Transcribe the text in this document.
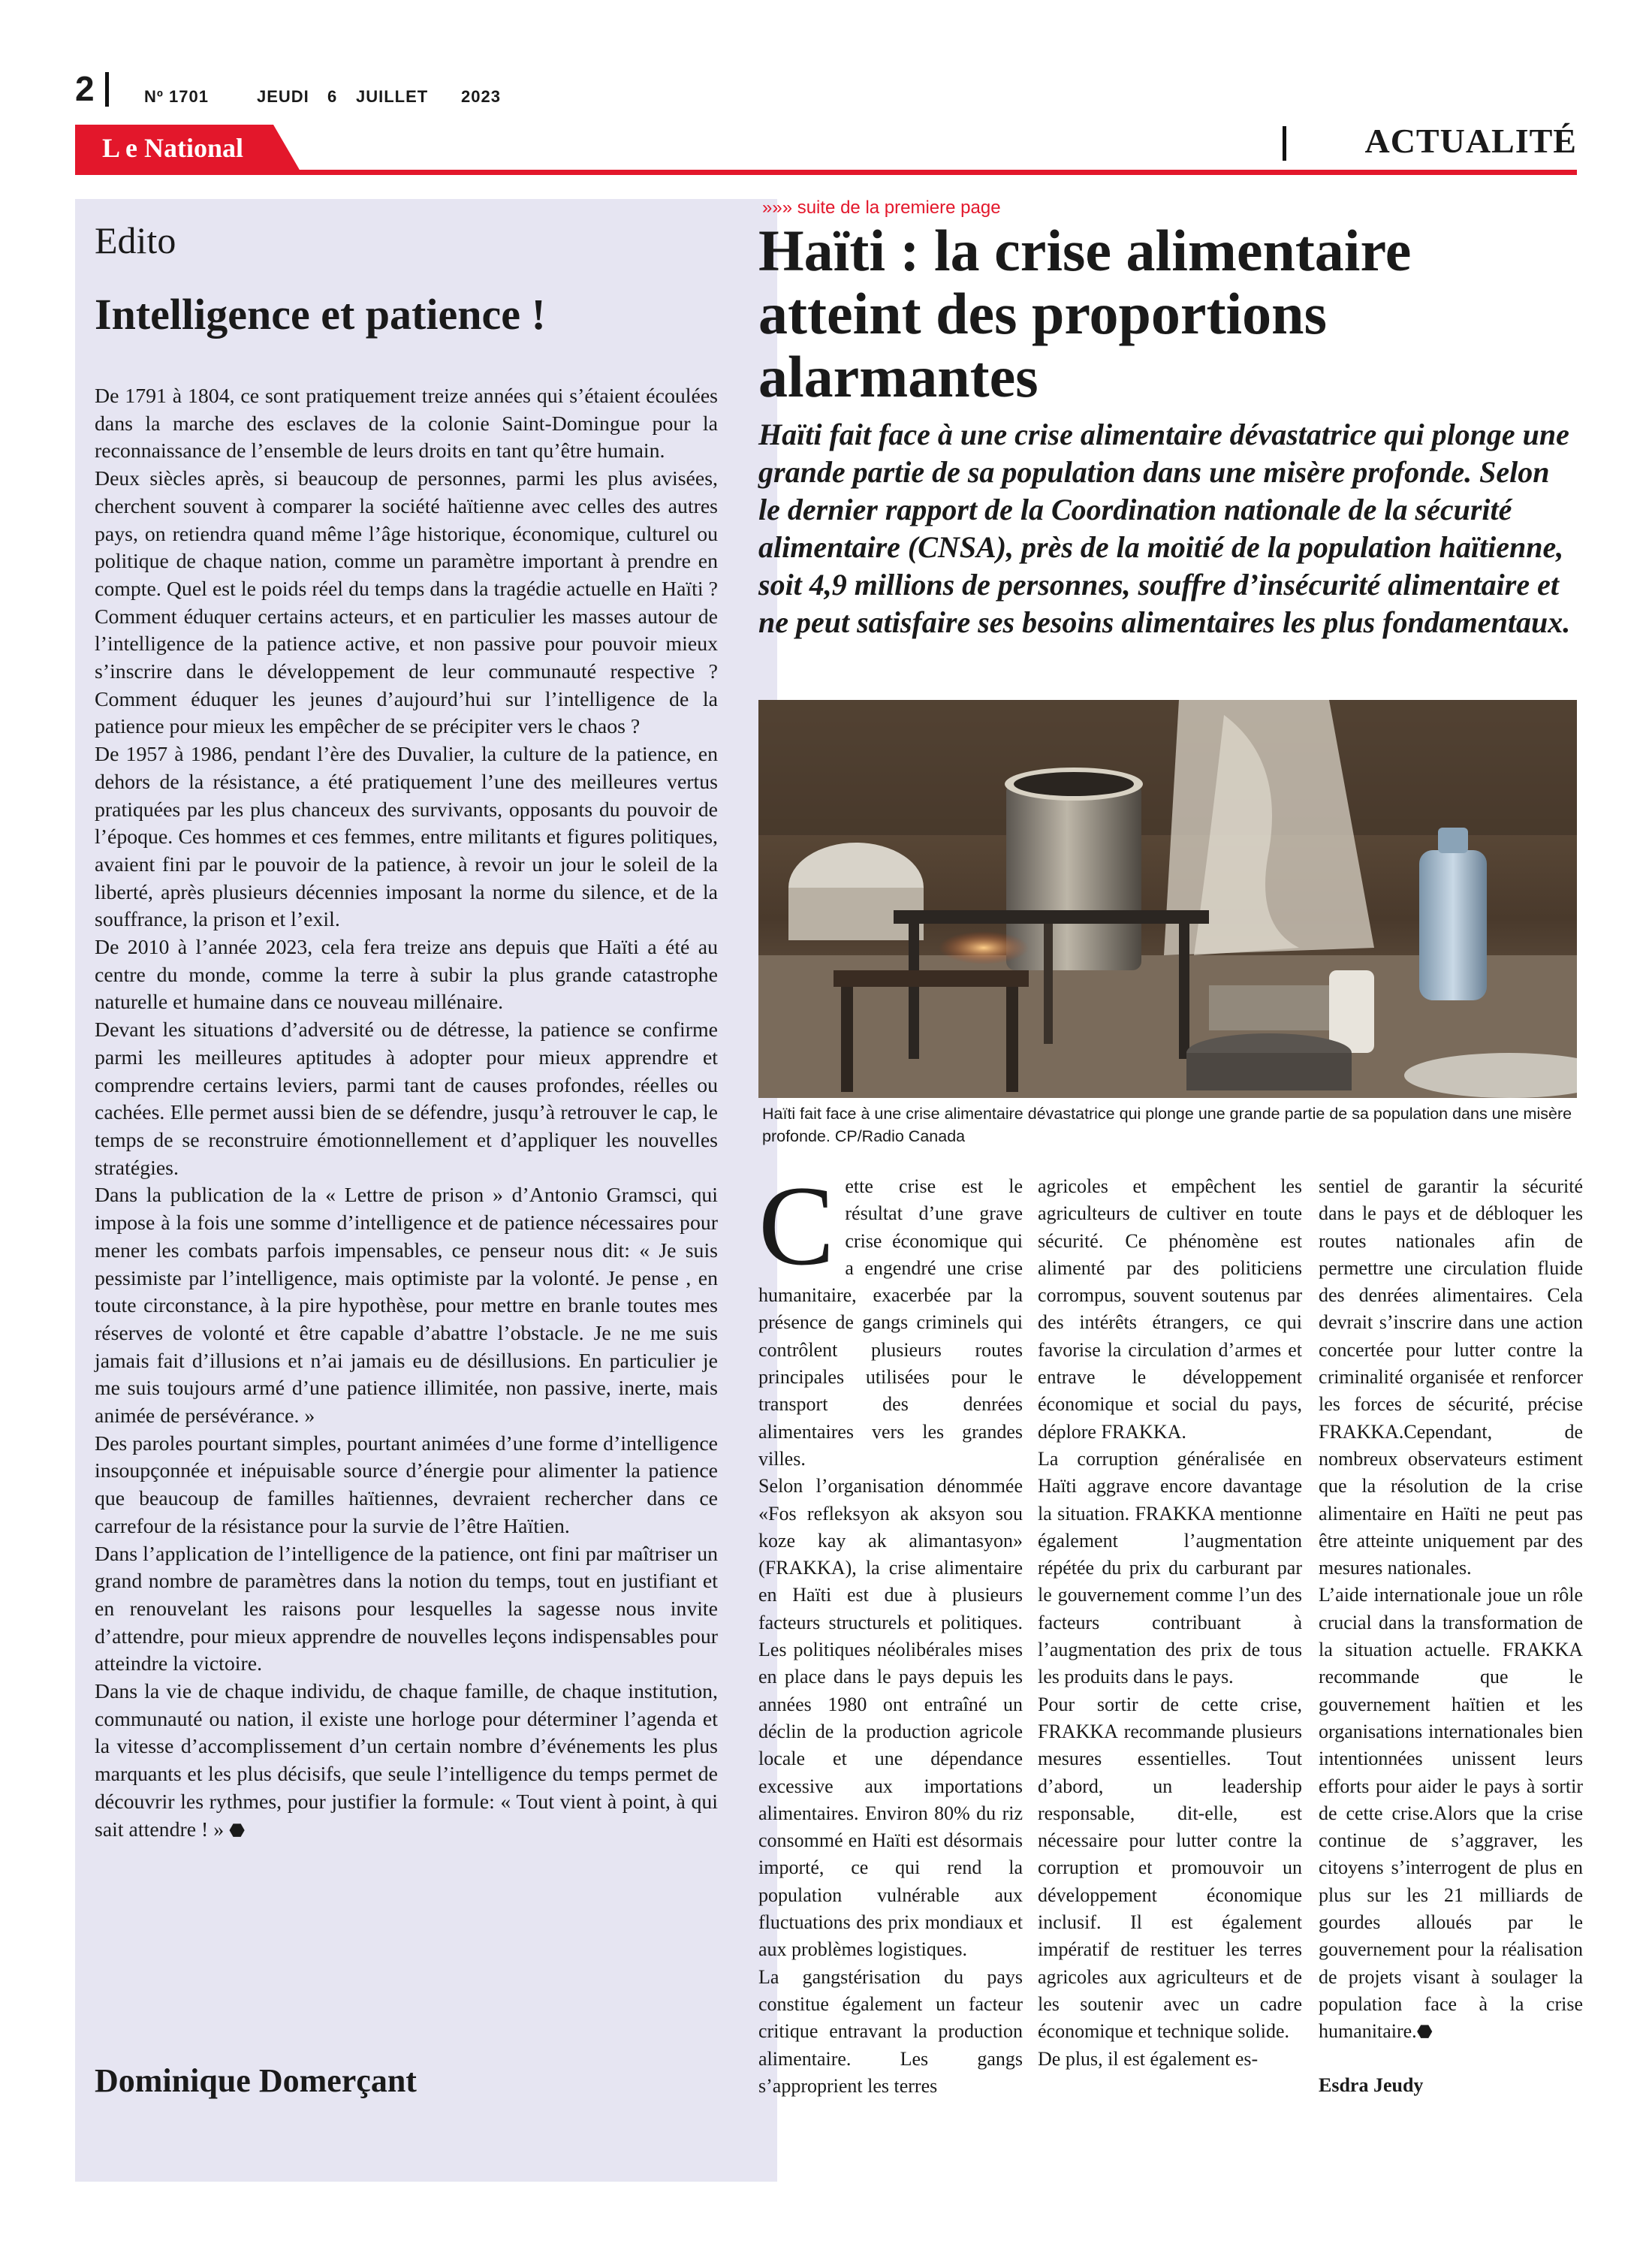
2	Nº 1701	JEUDI 6 JUILLET 2023
L e National	ACTUALITÉ
Edito
Intelligence et patience !

De 1791 à 1804, ce sont pratiquement treize années qui s’étaient écoulées dans la marche des esclaves de la colonie Saint-Domingue pour la reconnaissance de l’ensemble de leurs droits en tant qu’être humain.

Deux siècles après, si beaucoup de personnes, parmi les plus avisées, cherchent souvent à comparer la société haïtienne avec celles des autres pays, on retiendra quand même l’âge historique, économique, culturel ou politique de chaque nation, comme un paramètre important à prendre en compte. Quel est le poids réel du temps dans la tragédie actuelle en Haïti ? Comment éduquer certains acteurs, et en particulier les masses autour de l’intelligence de la patience active, et non passive pour pouvoir mieux s’inscrire dans le développement de leur communauté respective ? Comment éduquer les jeunes d’aujourd’hui sur l’intelligence de la patience pour mieux les empêcher de se précipiter vers le chaos ?

De 1957 à 1986, pendant l’ère des Duvalier, la culture de la patience, en dehors de la résistance, a été pratiquement l’une des meilleures vertus pratiquées par les plus chanceux des survivants, opposants du pouvoir de l’époque. Ces hommes et ces femmes, entre militants et figures politiques, avaient fini par le pouvoir de la patience, à revoir un jour le soleil de la liberté, après plusieurs décennies imposant la norme du silence, et de la souffrance, la prison et l’exil.

De 2010 à l’année 2023, cela fera treize ans depuis que Haïti a été au centre du monde, comme la terre à subir la plus grande catastrophe naturelle et humaine dans ce nouveau millénaire.

Devant les situations d’adversité ou de détresse, la patience se confirme parmi les meilleures aptitudes à adopter pour mieux apprendre et comprendre certains leviers, parmi tant de causes profondes, réelles ou cachées. Elle permet aussi bien de se défendre, jusqu’à retrouver le cap, le temps de se reconstruire émotionnellement et d’appliquer les nouvelles stratégies.

Dans la publication de la « Lettre de prison » d’Antonio Gramsci, qui impose à la fois une somme d’intelligence et de patience nécessaires pour mener les combats parfois impensables, ce penseur nous dit: « Je suis pessimiste par l’intelligence, mais optimiste par la volonté. Je pense , en toute circonstance, à la pire hypothèse, pour mettre en branle toutes mes réserves de volonté et être capable d’abattre l’obstacle. Je ne me suis jamais fait d’illusions et n’ai jamais eu de désillusions. En particulier je me suis toujours armé d’une patience illimitée, non passive, inerte, mais animée de persévérance. »

Des paroles pourtant simples, pourtant animées d’une forme d’intelligence insoupçonnée et inépuisable source d’énergie pour alimenter la patience que beaucoup de familles haïtiennes, devraient rechercher dans ce carrefour de la résistance pour la survie de l’être Haïtien.

Dans l’application de l’intelligence de la patience, ont fini par maîtriser un grand nombre de paramètres dans la notion du temps, tout en justifiant et en renouvelant les raisons pour lesquelles la sagesse nous invite d’attendre, pour mieux apprendre de nouvelles leçons indispensables pour atteindre la victoire.

Dans la vie de chaque individu, de chaque famille, de chaque institution, communauté ou nation, il existe une horloge pour déterminer l’agenda et la vitesse d’accomplissement d’un certain nombre d’événements les plus marquants et les plus décisifs, que seule l’intelligence du temps permet de découvrir les rythmes, pour justifier la formule: « Tout vient à point, à qui sait attendre ! » ⬣

Dominique Domerçant
»»» suite de la premiere page
Haïti : la crise alimentaire atteint des proportions alarmantes

Haïti fait face à une crise alimentaire dévastatrice qui plonge une grande partie de sa population dans une misère profonde. Selon le dernier rapport de la Coordination nationale de la sécurité alimentaire (CNSA), près de la moitié de la population haïtienne, soit 4,9 millions de personnes, souffre d’insécurité alimentaire et ne peut satisfaire ses besoins alimentaires les plus fondamentaux.

Haïti fait face à une crise alimentaire dévastatrice qui plonge une grande partie de sa population dans une misère profonde. CP/Radio Canada

Cette crise est le résultat d’une grave crise économique qui a engendré une crise humanitaire, exacerbée par la présence de gangs criminels qui contrôlent plusieurs routes principales utilisées pour le transport des denrées alimentaires vers les grandes villes.

Selon l’organisation dénommée «Fos refleksyon ak aksyon sou koze kay ak alimantasyon» (FRAKKA), la crise alimentaire en Haïti est due à plusieurs facteurs structurels et politiques. Les politiques néolibérales mises en place dans le pays depuis les années 1980 ont entraîné un déclin de la production agricole locale et une dépendance excessive aux importations alimentaires. Environ 80% du riz consommé en Haïti est désormais importé, ce qui rend la population vulnérable aux fluctuations des prix mondiaux et aux problèmes logistiques.

La gangstérisation du pays constitue également un facteur critique entravant la production alimentaire. Les gangs s’approprient les terres

agricoles et empêchent les agriculteurs de cultiver en toute sécurité. Ce phénomène est alimenté par des politiciens corrompus, souvent soutenus par des intérêts étrangers, ce qui favorise la circulation d’armes et entrave le développement économique et social du pays, déplore FRAKKA.

La corruption généralisée en Haïti aggrave encore davantage la situation. FRAKKA mentionne également l’augmentation répétée du prix du carburant par le gouvernement comme l’un des facteurs contribuant à l’augmentation des prix de tous les produits dans le pays.

Pour sortir de cette crise, FRAKKA recommande plusieurs mesures essentielles. Tout d’abord, un leadership responsable, dit-elle, est nécessaire pour lutter contre la corruption et promouvoir un développement économique inclusif. Il est également impératif de restituer les terres agricoles aux agriculteurs et de les soutenir avec un cadre économique et technique solide.

De plus, il est également es-

sentiel de garantir la sécurité dans le pays et de débloquer les routes nationales afin de permettre une circulation fluide des denrées alimentaires. Cela devrait s’inscrire dans une action concertée pour lutter contre la criminalité organisée et renforcer les forces de sécurité, précise FRAKKA.Cependant, de nombreux observateurs estiment que la résolution de la crise alimentaire en Haïti ne peut pas être atteinte uniquement par des mesures nationales.

L’aide internationale joue un rôle crucial dans la transformation de la situation actuelle. FRAKKA recommande que le gouvernement haïtien et les organisations internationales bien intentionnées unissent leurs efforts pour aider le pays à sortir de cette crise.Alors que la crise continue de s’aggraver, les citoyens s’interrogent de plus en plus sur les 21 milliards de gourdes alloués par le gouvernement pour la réalisation de projets visant à soulager la population face à la crise humanitaire.⬣

Esdra Jeudy
